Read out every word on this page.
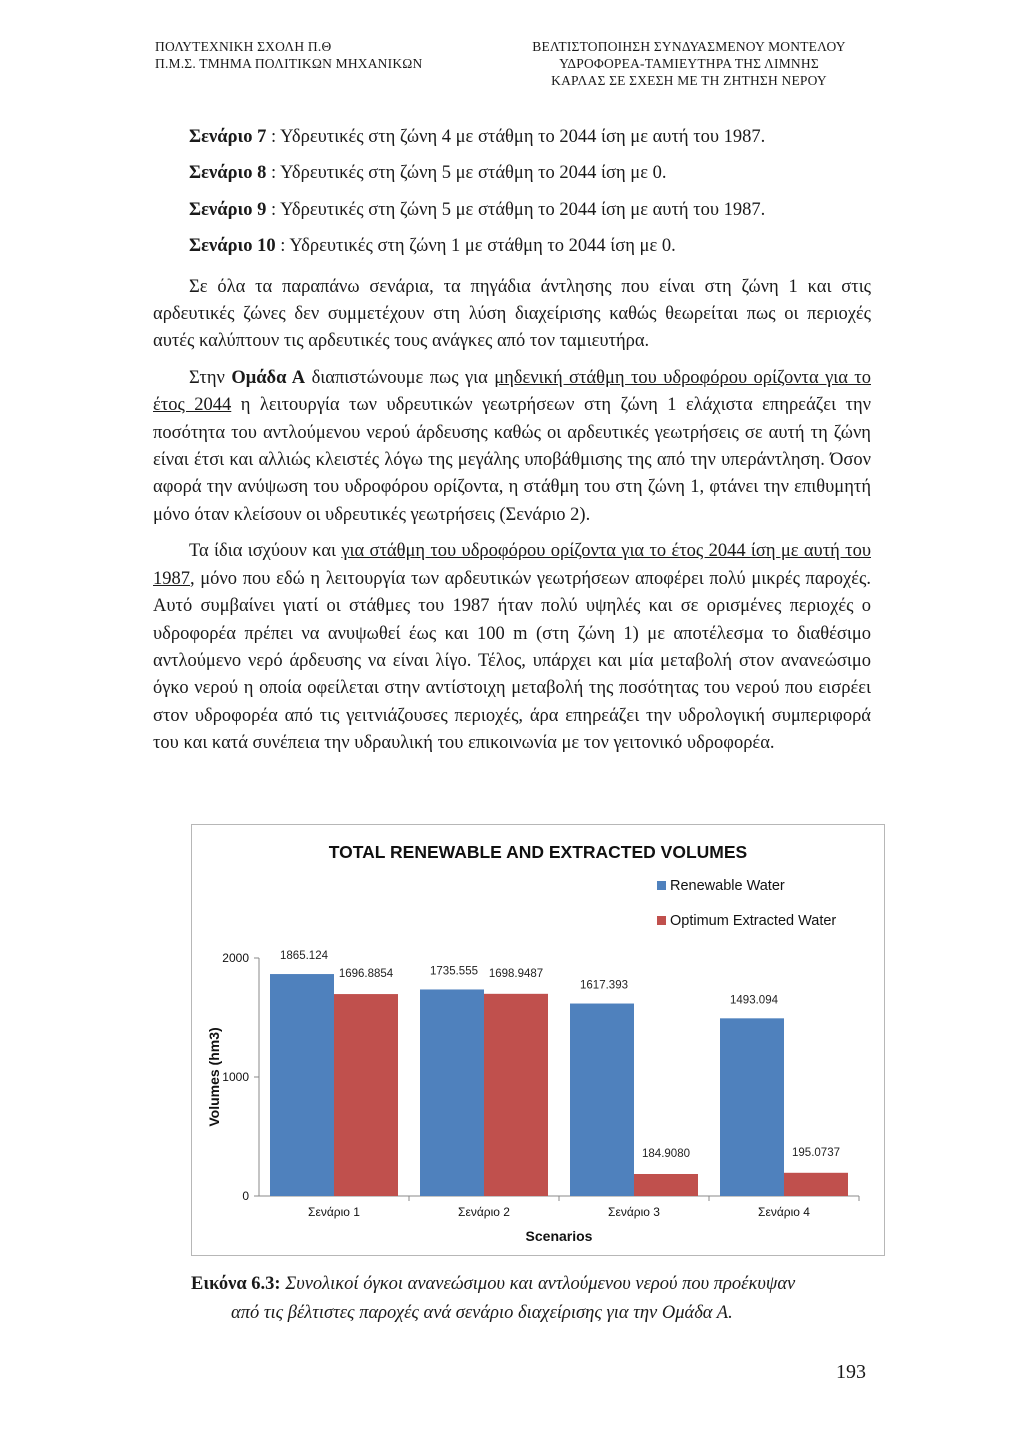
ΠΟΛΥΤΕΧΝΙΚΗ ΣΧΟΛΗ Π.Θ
Π.Μ.Σ. ΤΜΗΜΑ ΠΟΛΙΤΙΚΩΝ ΜΗΧΑΝΙΚΩΝ
ΒΕΛΤΙΣΤΟΠΟΙΗΣΗ ΣΥΝΔΥΑΣΜΕΝΟΥ ΜΟΝΤΕΛΟΥ
ΥΔΡΟΦΟΡΕΑ-ΤΑΜΙΕΥΤΗΡΑ ΤΗΣ ΛΙΜΝΗΣ
ΚΑΡΛΑΣ ΣΕ ΣΧΕΣΗ ΜΕ ΤΗ ΖΗΤΗΣΗ ΝΕΡΟΥ

Σενάριο 7 : Υδρευτικές στη ζώνη 4 με στάθμη το 2044 ίση με αυτή του 1987.

Σενάριο 8 : Υδρευτικές στη ζώνη 5 με στάθμη το 2044 ίση με 0.

Σενάριο 9 : Υδρευτικές στη ζώνη 5 με στάθμη το 2044 ίση με αυτή του 1987.

Σενάριο 10 : Υδρευτικές στη ζώνη 1 με στάθμη το 2044 ίση με 0.

Σε όλα τα παραπάνω σενάρια, τα πηγάδια άντλησης που είναι στη ζώνη 1 και στις αρδευτικές ζώνες δεν συμμετέχουν στη λύση διαχείρισης καθώς θεωρείται πως οι περιοχές αυτές καλύπτουν τις αρδευτικές τους ανάγκες από τον ταμιευτήρα.

Στην Ομάδα Α διαπιστώνουμε πως για μηδενική στάθμη του υδροφόρου ορίζοντα για το έτος 2044 η λειτουργία των υδρευτικών γεωτρήσεων στη ζώνη 1 ελάχιστα επηρεάζει την ποσότητα του αντλούμενου νερού άρδευσης καθώς οι αρδευτικές γεωτρήσεις σε αυτή τη ζώνη είναι έτσι και αλλιώς κλειστές λόγω της μεγάλης υποβάθμισης της από την υπεράντληση. Όσον αφορά την ανύψωση του υδροφόρου ορίζοντα, η στάθμη του στη ζώνη 1, φτάνει την επιθυμητή μόνο όταν κλείσουν οι υδρευτικές γεωτρήσεις (Σενάριο 2).

Τα ίδια ισχύουν και για στάθμη του υδροφόρου ορίζοντα για το έτος 2044 ίση με αυτή του 1987, μόνο που εδώ η λειτουργία των αρδευτικών γεωτρήσεων αποφέρει πολύ μικρές παροχές. Αυτό συμβαίνει γιατί οι στάθμες του 1987 ήταν πολύ υψηλές και σε ορισμένες περιοχές ο υδροφορέα πρέπει να ανυψωθεί έως και 100 m (στη ζώνη 1) με αποτέλεσμα το διαθέσιμο αντλούμενο νερό άρδευσης να είναι λίγο. Τέλος, υπάρχει και μία μεταβολή στον ανανεώσιμο όγκο νερού η οποία οφείλεται στην αντίστοιχη μεταβολή της ποσότητας του νερού που εισρέει στον υδροφορέα από τις γειτνιάζουσες περιοχές, άρα επηρεάζει την υδρολογική συμπεριφορά του και κατά συνέπεια την υδραυλική του επικοινωνία με τον γειτονικό υδροφορέα.

TOTAL RENEWABLE AND EXTRACTED VOLUMES
Renewable Water
Optimum Extracted Water
0
1000
2000
Volumes (hm3)
1865.124
1696.8854
Σενάριο 1
1735.555 1698.9487
Σενάριο 2
1617.393
184.9080
Σενάριο 3
1493.094
195.0737
Σενάριο 4
Scenarios
Εικόνα 6.3: Συνολικοί όγκοι ανανεώσιμου και αντλούμενου νερού που προέκυψαν
από τις βέλτιστες παροχές ανά σενάριο διαχείρισης για την Ομάδα Α.
193
